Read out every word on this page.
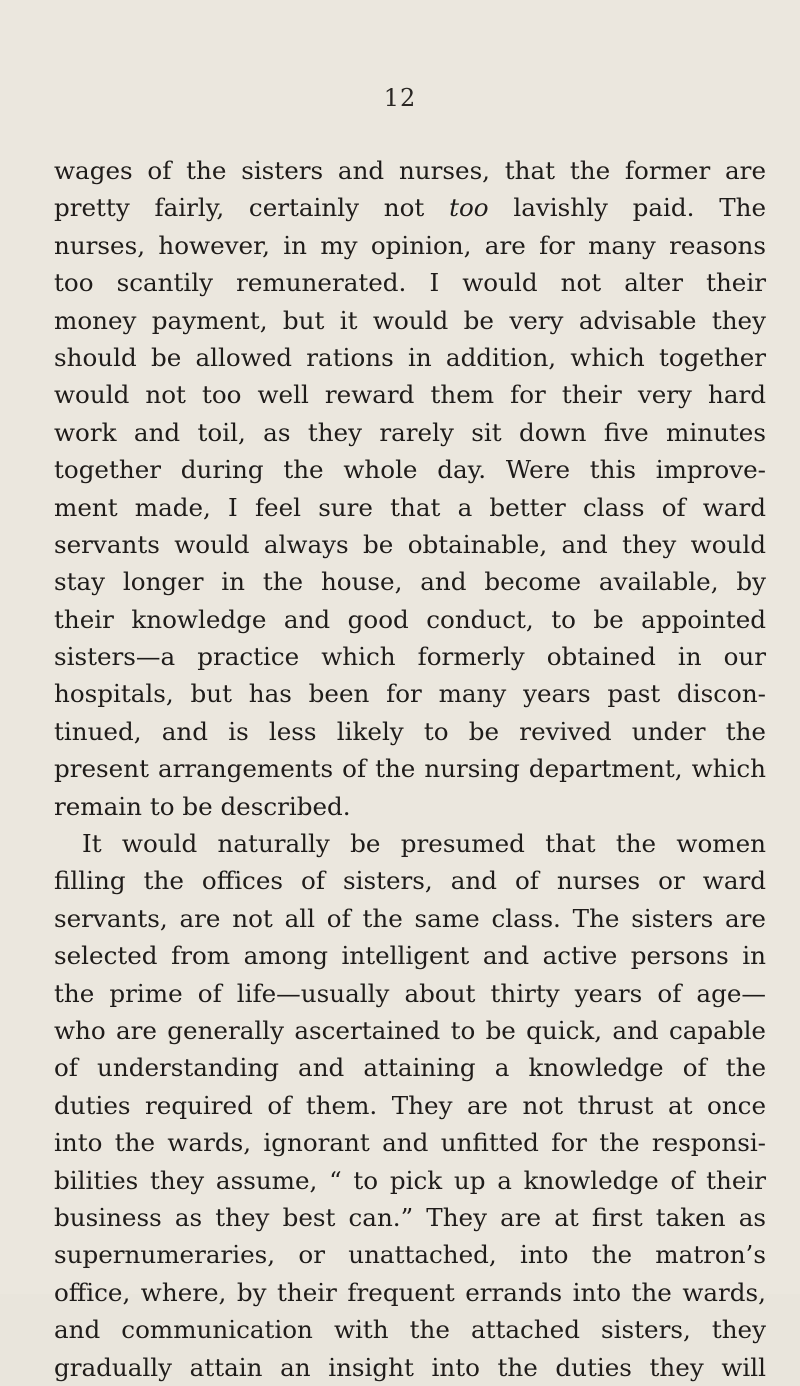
12
wages of the sisters and nurses, that the former are
pretty fairly, certainly not too lavishly paid. The
nurses, however, in my opinion, are for many reasons
too scantily remunerated. I would not alter their
money payment, but it would be very advisable they
should be allowed rations in addition, which together
would not too well reward them for their very hard
work and toil, as they rarely sit down five minutes
together during the whole day. Were this improve-
ment made, I feel sure that a better class of ward
servants would always be obtainable, and they would
stay longer in the house, and become available, by
their knowledge and good conduct, to be appointed
sisters—a practice which formerly obtained in our
hospitals, but has been for many years past discon-
tinued, and is less likely to be revived under the
present arrangements of the nursing department, which
remain to be described.
It would naturally be presumed that the women
filling the offices of sisters, and of nurses or ward
servants, are not all of the same class. The sisters are
selected from among intelligent and active persons in
the prime of life—usually about thirty years of age—
who are generally ascertained to be quick, and capable
of understanding and attaining a knowledge of the
duties required of them. They are not thrust at once
into the wards, ignorant and unfitted for the responsi-
bilities they assume, “ to pick up a knowledge of their
business as they best can.” They are at first taken as
supernumeraries, or unattached, into the matron’s
office, where, by their frequent errands into the wards,
and communication with the attached sisters, they
gradually attain an insight into the duties they will
